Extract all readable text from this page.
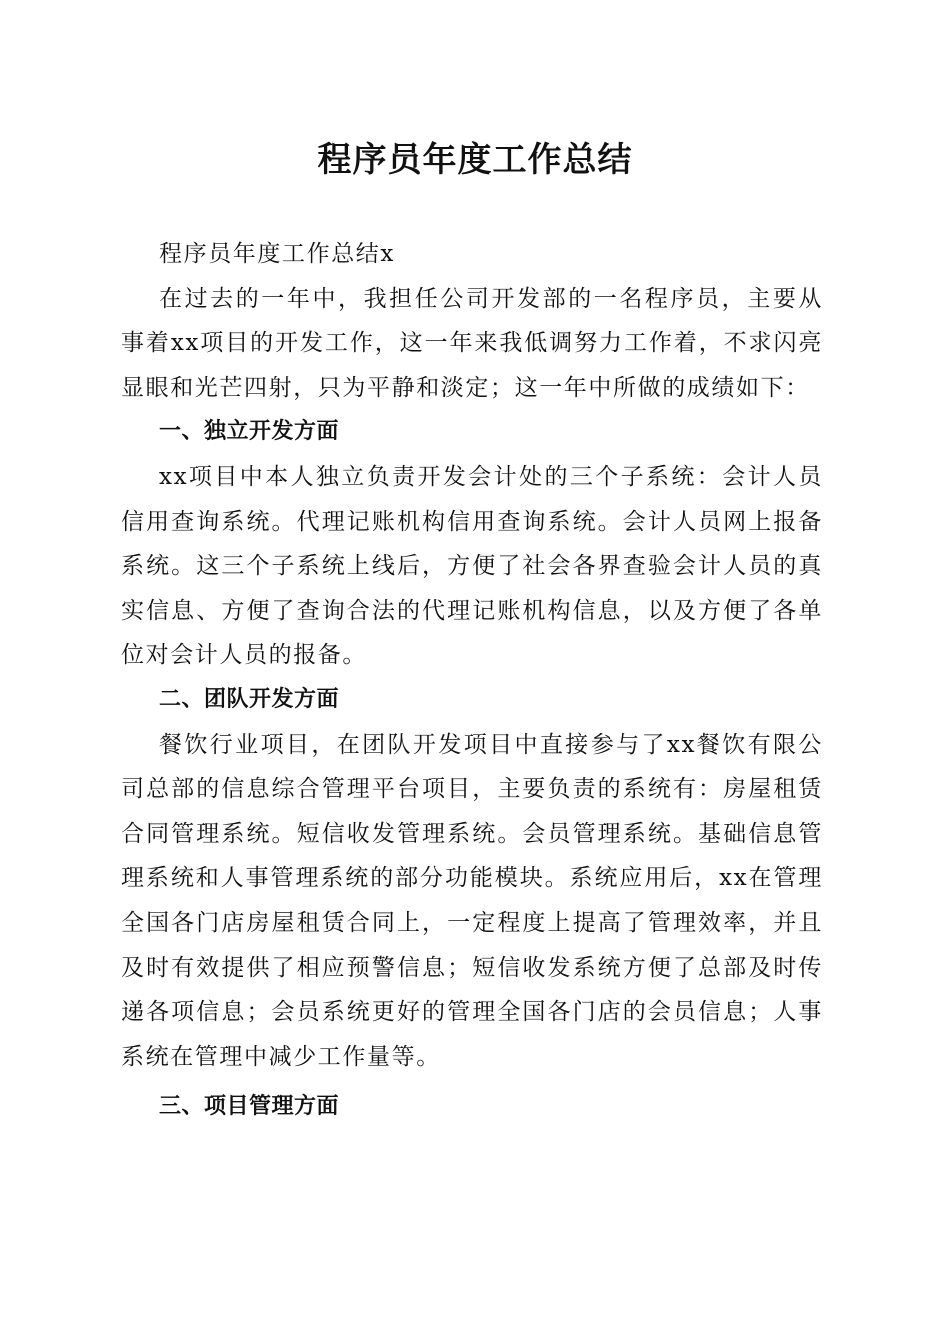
程序员年度工作总结

程序员年度工作总结x

在过去的一年中，我担任公司开发部的一名程序员，主要从事着xx项目的开发工作，这一年来我低调努力工作着，不求闪亮显眼和光芒四射，只为平静和淡定；这一年中所做的成绩如下：

一、独立开发方面

xx项目中本人独立负责开发会计处的三个子系统：会计人员信用查询系统。代理记账机构信用查询系统。会计人员网上报备系统。这三个子系统上线后，方便了社会各界查验会计人员的真实信息、方便了查询合法的代理记账机构信息，以及方便了各单位对会计人员的报备。

二、团队开发方面

餐饮行业项目，在团队开发项目中直接参与了xx餐饮有限公司总部的信息综合管理平台项目，主要负责的系统有：房屋租赁合同管理系统。短信收发管理系统。会员管理系统。基础信息管理系统和人事管理系统的部分功能模块。系统应用后，xx在管理全国各门店房屋租赁合同上，一定程度上提高了管理效率，并且及时有效提供了相应预警信息；短信收发系统方便了总部及时传递各项信息；会员系统更好的管理全国各门店的会员信息；人事系统在管理中减少工作量等。

三、项目管理方面
